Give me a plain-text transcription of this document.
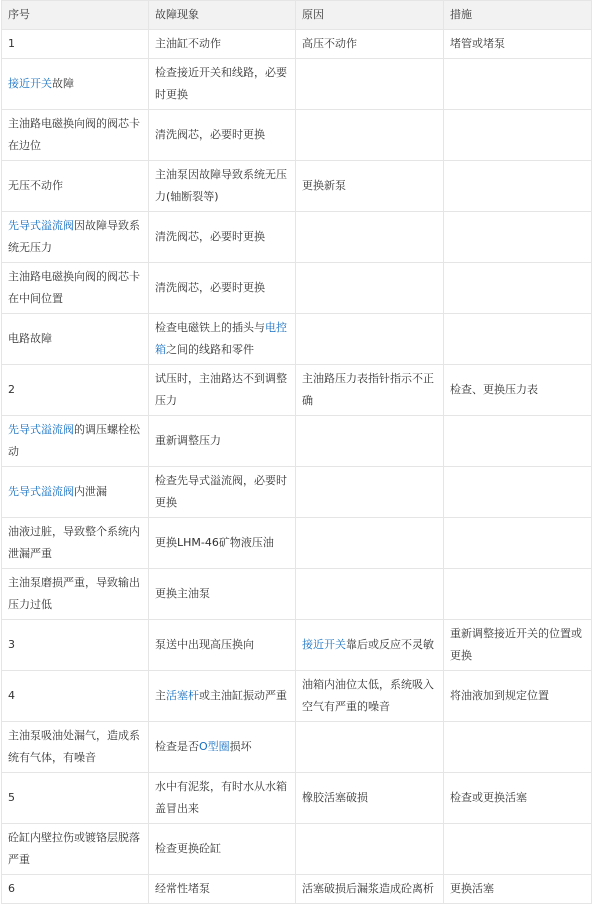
序号	故障现象	原因	措施
1	主油缸不动作	高压不动作	堵管或堵泵
接近开关故障	检查接近开关和线路，必要时更换		
主油路电磁换向阀的阀芯卡在边位	清洗阀芯，必要时更换		
无压不动作	主油泵因故障导致系统无压力(轴断裂等)	更换新泵	
先导式溢流阀因故障导致系统无压力	清洗阀芯，必要时更换		
主油路电磁换向阀的阀芯卡在中间位置	清洗阀芯，必要时更换		
电路故障	检查电磁铁上的插头与电控箱之间的线路和零件		
2	试压时，主油路达不到调整压力	主油路压力表指针指示不正确	检查、更换压力表
先导式溢流阀的调压螺栓松动	重新调整压力		
先导式溢流阀内泄漏	检查先导式溢流阀，必要时更换		
油液过脏，导致整个系统内泄漏严重	更换LHM-46矿物液压油		
主油泵磨损严重，导致输出压力过低	更换主油泵		
3	泵送中出现高压换向	接近开关靠后或反应不灵敏	重新调整接近开关的位置或更换
4	主活塞杆或主油缸振动严重	油箱内油位太低，系统吸入空气有严重的噪音	将油液加到规定位置
主油泵吸油处漏气，造成系统有气体，有噪音	检查是否O型圈损坏		
5	水中有泥浆，有时水从水箱盖冒出来	橡胶活塞破损	检查或更换活塞
砼缸内壁拉伤或镀铬层脱落严重	检查更换砼缸		
6	经常性堵泵	活塞破损后漏浆造成砼离析	更换活塞
